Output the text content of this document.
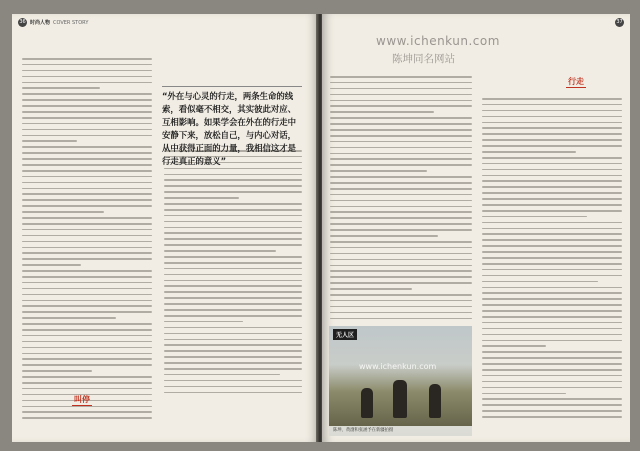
36 时尚人物 COVER STORY
“外在与心灵的行走，两条生命的线索，看似毫不相交，其实彼此对应、互相影响。如果学会在外在的行走中安静下来，放松自己，与内心对话，从中获得正面的力量，我相信这才是行走真正的意义”
叫停
37
www.ichenkun.com
陈坤同名网站
行走
无人区
www.ichenkun.com
陈坤、黄渤和张涵予在新疆拍摄
